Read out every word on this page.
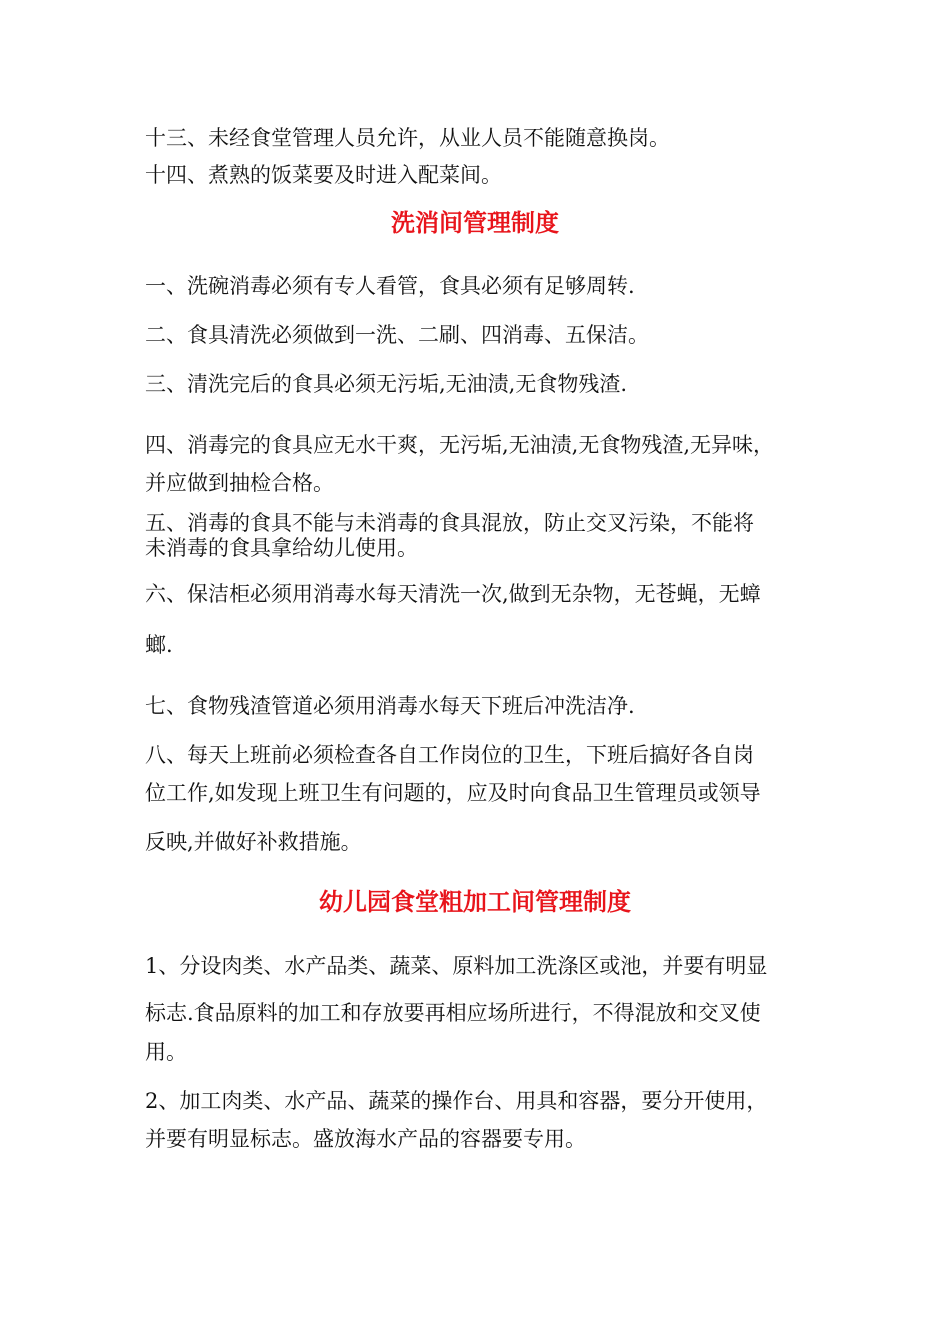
十三、未经食堂管理人员允许，从业人员不能随意换岗。
十四、煮熟的饭菜要及时进入配菜间。
洗消间管理制度
一、洗碗消毒必须有专人看管，食具必须有足够周转.
二、食具清洗必须做到一洗、二刷、四消毒、五保洁。
三、清洗完后的食具必须无污垢,无油渍,无食物残渣.
四、消毒完的食具应无水干爽，无污垢,无油渍,无食物残渣,无异味，
并应做到抽检合格。
五、消毒的食具不能与未消毒的食具混放，防止交叉污染，不能将
未消毒的食具拿给幼儿使用。
六、保洁柜必须用消毒水每天清洗一次,做到无杂物，无苍蝇，无蟑
螂.
七、食物残渣管道必须用消毒水每天下班后冲洗洁净.
八、每天上班前必须检查各自工作岗位的卫生，下班后搞好各自岗
位工作,如发现上班卫生有问题的，应及时向食品卫生管理员或领导
反映,并做好补救措施。
幼儿园食堂粗加工间管理制度
1、分设肉类、水产品类、蔬菜、原料加工洗涤区或池，并要有明显
标志.食品原料的加工和存放要再相应场所进行，不得混放和交叉使
用。
2、加工肉类、水产品、蔬菜的操作台、用具和容器，要分开使用，
并要有明显标志。盛放海水产品的容器要专用。
